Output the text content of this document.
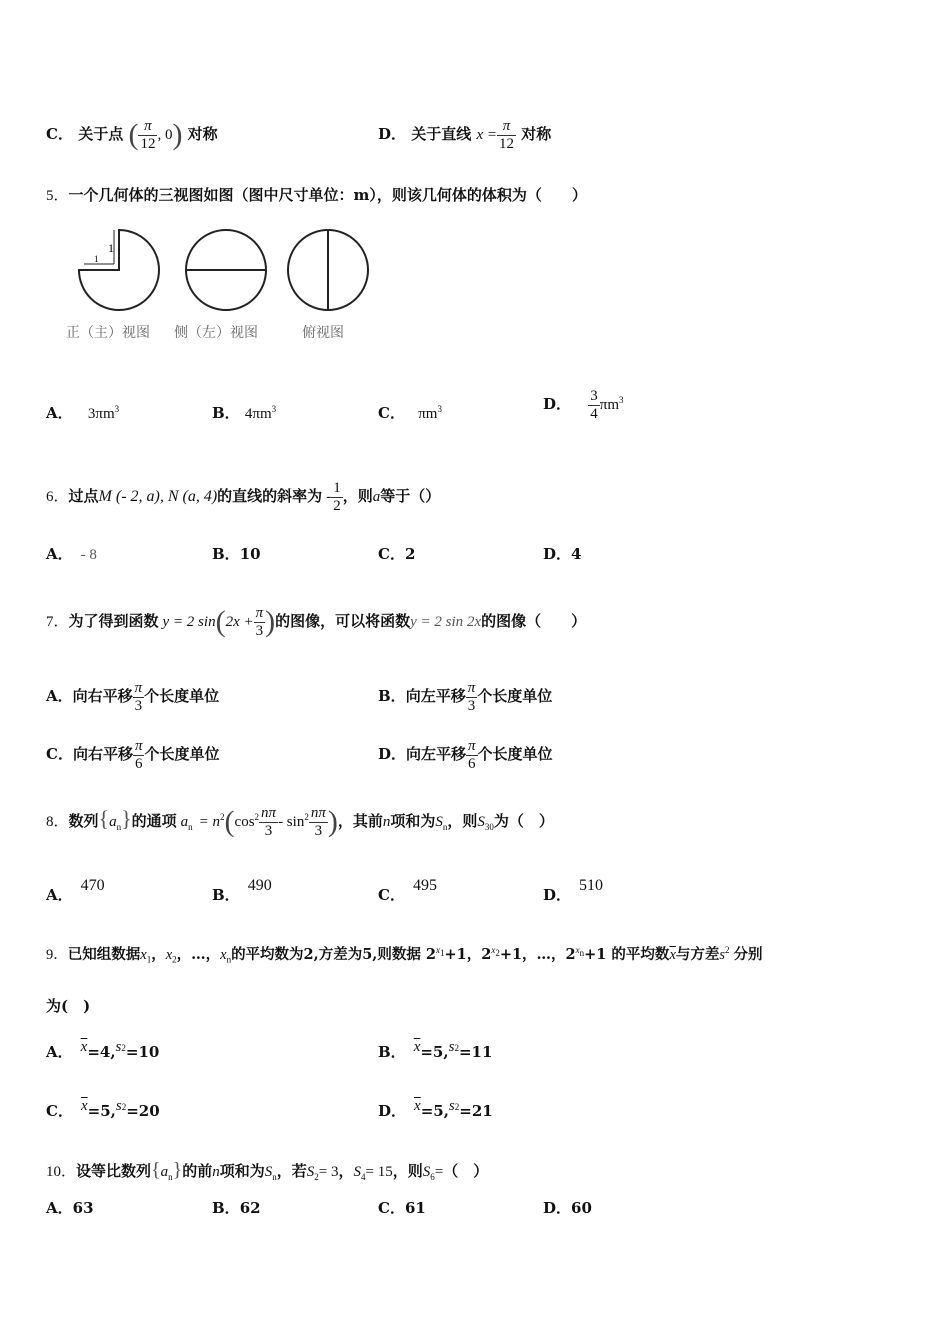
C． 关于点 ( $\frac{\pi}{12}$ , 0) 对称	D． 关于直线 $x = \frac{\pi}{12}$ 对称
5．一个几何体的三视图如图（图中尺寸单位：m），则该几何体的体积为（　　）
1
1
正（主）视图 侧（左）视图	俯视图
A． $3\pi m^3$	B． $4\pi m^3$	C． $\pi m^3$	D． $\frac{3}{4} \pi m^3$
6．过点M (- 2, a), N (a, 4)的直线的斜率为 - $\frac{1}{2}$ ，则a等于（）
A． - 8	B．10	C．2	D．4
7．为了得到函数 y = 2 $\sin(2x + \frac{\pi}{3}$ )的图像，可以将函数y = 2 sin 2x的图像（　　）
A．向右平移 $\frac{\pi}{3}$ 个长度单位	B．向左平移 $\frac{\pi}{3}$ 个长度单位
C．向右平移 $\frac{\pi}{6}$ 个长度单位	D．向左平移 $\frac{\pi}{6}$ 个长度单位
8．数列$\{a_n\}$的通项 $a_n = n^2(\cos^2 \frac{n\pi}{3} - \sin^2 \frac{n\pi}{3}$ )，其前n项和为$S_n$，则$S_{30}$为（　）
A．470
B．490
C．495
D．510
9．已知组数据$x_1$，$x_2$，…，$x_n$的平均数为2,方差为5,则数据 $2^{x_1}+1$，$2^{x_2}+1$，…，$2^{x_n}+1$ 的平均数$\overline{x}$与方差$s^2$ 分别
为(　)
A． $\overline{x}=4,s^2=10$	B． $\overline{x}=5,s^2=11$
C． $\overline{x}=5,s^2=20$	D． $\overline{x}=5,s^2=21$
10．设等比数列$\{a_n\}$的前n项和为$S_n$，若$S_2= 3$，$S_4= 15$，则$S_6=$（　）
A．63	B．62	C．61	D．60
